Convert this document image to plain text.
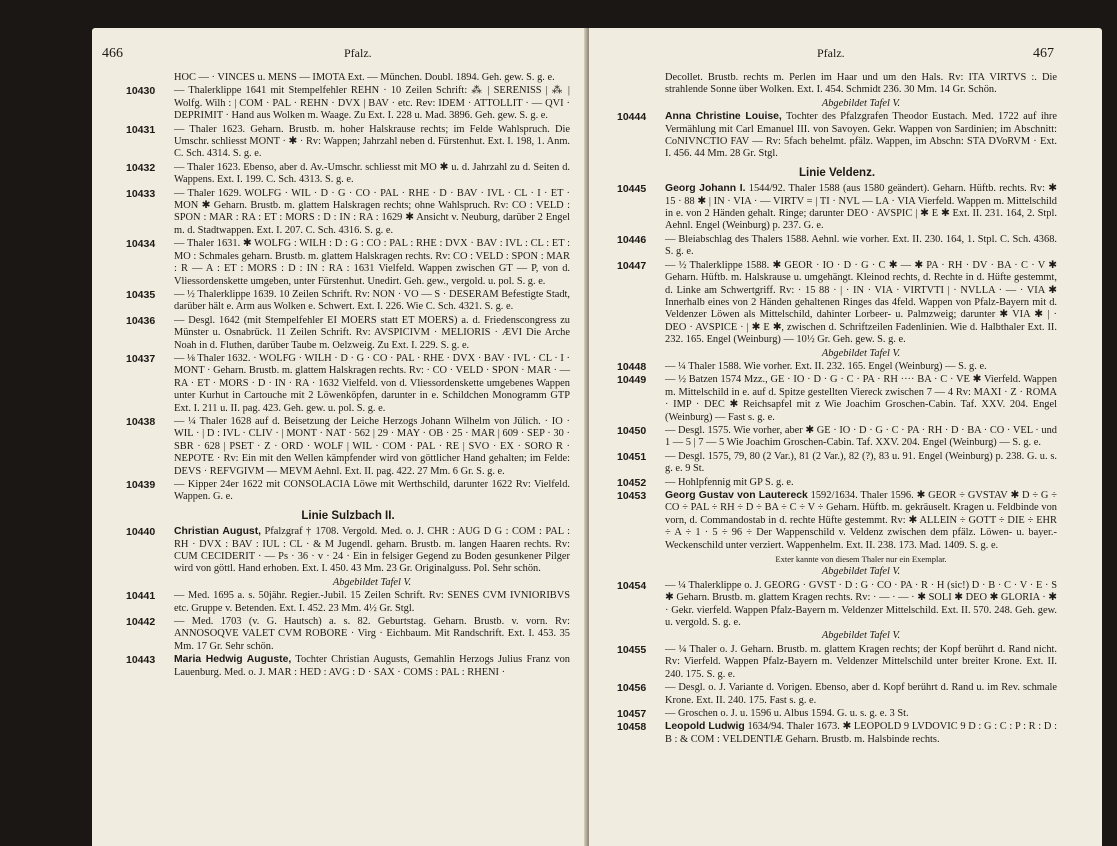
466	Pfalz.
HOC — · VINCES u. MENS — IMOTA Ext. — München. Doubl. 1894. Geh. gew. S. g. e.
10430 — Thalerklippe 1641 mit Stempelfehler REHN · 10 Zeilen Schrift: ⁂ | SERENISS | ⁂ | Wolfg. Wilh : | COM · PAL · REHN · DVX | BAV · etc. Rev: IDEM · ATTOLLIT · — QVI · DEPRIMIT · Hand aus Wolken m. Waage. Zu Ext. I. 228 u. Mad. 3896. Geh. gew. S. g. e.
10431 — Thaler 1623. Geharn. Brustb. m. hoher Halskrause rechts; im Felde Wahlspruch. Die Umschr. schliesst MONT · ✱ · Rv: Wappen; Jahrzahl neben d. Fürstenhut. Ext. I. 198, 1. Anm. C. Sch. 4314. S. g. e.
10432 — Thaler 1623. Ebenso, aber d. Av.-Umschr. schliesst mit MO ✱ u. d. Jahrzahl zu d. Seiten d. Wappens. Ext. I. 199. C. Sch. 4313. S. g. e.
10433 — Thaler 1629. WOLFG · WIL · D · G · CO · PAL · RHE · D · BAV · IVL · CL · I · ET · MON ✱ Geharn. Brustb. m. glattem Halskragen rechts; ohne Wahlspruch. Rv: CO : VELD : SPON : MAR : RA : ET : MORS : D : IN : RA : 1629 ✱ Ansicht v. Neuburg, darüber 2 Engel m. d. Stadtwappen. Ext. I. 207. C. Sch. 4316. S. g. e.
10434 — Thaler 1631. ✱ WOLFG : WILH : D : G : CO : PAL : RHE : DVX · BAV : IVL : CL : ET : MO : Schmales geharn. Brustb. m. glattem Halskragen rechts. Rv: CO : VELD : SPON : MAR : R — A : ET : MORS : D : IN : RA : 1631 Vielfeld. Wappen zwischen GT — P, von d. Vliessordenskette umgeben, unter Fürstenhut. Unedirt. Geh. gew., vergold. u. pol. S. g. e.
10435 — ½ Thalerklippe 1639. 10 Zeilen Schrift. Rv: NON · VO — S · DESERAM Befestigte Stadt, darüber hält e. Arm aus Wolken e. Schwert. Ext. I. 226. Wie C. Sch. 4321. S. g. e.
10436 — Desgl. 1642 (mit Stempelfehler EI MOERS statt ET MOERS) a. d. Friedenscongress zu Münster u. Osnabrück. 11 Zeilen Schrift. Rv: AVSPICIVM · MELIORIS · ÆVI Die Arche Noah in d. Fluthen, darüber Taube m. Oelzweig. Zu Ext. I. 229. S. g. e.
10437 — ⅛ Thaler 1632. · WOLFG · WILH · D · G · CO · PAL · RHE · DVX · BAV · IVL · CL · I · MONT · Geharn. Brustb. m. glattem Halskragen rechts. Rv: · CO · VELD · SPON · MAR · — RA · ET · MORS · D · IN · RA · 1632 Vielfeld. von d. Vliessordenskette umgebenes Wappen unter Kurhut in Cartouche mit 2 Löwenköpfen, darunter in e. Schildchen Monogramm GTP Ext. I. 211 u. II. pag. 423. Geh. gew. u. pol. S. g. e.
10438 — ¼ Thaler 1628 auf d. Beisetzung der Leiche Herzogs Johann Wilhelm von Jülich. · IO · WIL · | D : IVL · CLIV · | MONT · NAT · 562 | 29 · MAY · OB · 25 · MAR | 609 · SEP · 30 · SBR · 628 | PSET · Z · ORD · WOLF | WIL · COM · PAL · RE | SVO · EX · SORO R · NEPOTE · Rv: Ein mit den Wellen kämpfender wird von göttlicher Hand gehalten; im Felde: DEVS · REFVGIVM — MEVM Aehnl. Ext. II. pag. 422. 27 Mm. 6 Gr. S. g. e.
10439 — Kipper 24er 1622 mit CONSOLACIA Löwe mit Werthschild, darunter 1622 Rv: Vielfeld. Wappen. G. e.
Linie Sulzbach II.
10440 Christian August, Pfalzgraf † 1708. Vergold. Med. o. J. CHR : AUG D G : COM : PAL : RH · DVX : BAV : IUL : CL · & M Jugendl. geharn. Brustb. m. langen Haaren rechts. Rv: CUM CECIDERIT · — Ps · 36 · v · 24 · Ein in felsiger Gegend zu Boden gesunkener Pilger wird von göttl. Hand erhoben. Ext. I. 450. 43 Mm. 23 Gr. Originalguss. Pol. Sehr schön.
Abgebildet Tafel V.
10441 — Med. 1695 a. s. 50jähr. Regier.-Jubil. 15 Zeilen Schrift. Rv: SENES CVM IVNIORIBVS etc. Gruppe v. Betenden. Ext. I. 452. 23 Mm. 4½ Gr. Stgl.
10442 — Med. 1703 (v. G. Hautsch) a. s. 82. Geburtstag. Geharn. Brustb. v. vorn. Rv: ANNOSOQVE VALET CVM ROBORE · Virg · Eichbaum. Mit Randschrift. Ext. I. 453. 35 Mm. 17 Gr. Sehr schön.
10443 Maria Hedwig Auguste, Tochter Christian Augusts, Gemahlin Herzogs Julius Franz von Lauenburg. Med. o. J. MAR : HED : AVG : D · SAX · COMS : PAL : RHENI ·
Pfalz.	467
Decollet. Brustb. rechts m. Perlen im Haar und um den Hals. Rv: ITA VIRTVS :. Die strahlende Sonne über Wolken. Ext. I. 454. Schmidt 236. 30 Mm. 14 Gr. Schön.
Abgebildet Tafel V.
10444 Anna Christine Louise, Tochter des Pfalzgrafen Theodor Eustach. Med. 1722 auf ihre Vermählung mit Carl Emanuel III. von Savoyen. Gekr. Wappen von Sardinien; im Abschnitt: CoNIVNCTIO FAV — Rv: 5fach behelmt. pfälz. Wappen, im Abschn: STA DVoRVM · Ext. I. 456. 44 Mm. 28 Gr. Stgl.
Linie Veldenz.
10445 Georg Johann I. 1544/92. Thaler 1588 (aus 1580 geändert). Geharn. Hüftb. rechts. Rv: ✱ 15 · 88 ✱ | IN · VIA · — VIRTV = | TI · NVL — LA · VIA Vierfeld. Wappen m. Mittelschild in e. von 2 Händen gehalt. Ringe; darunter DEO · AVSPIC | ✱ E ✱ Ext. II. 231. 164, 2. Stpl. Aehnl. Engel (Weinburg) p. 237. G. e.
10446 — Bleiabschlag des Thalers 1588. Aehnl. wie vorher. Ext. II. 230. 164, 1. Stpl. C. Sch. 4368. S. g. e.
10447 — ½ Thalerklippe 1588. ✱ GEOR · IO · D · G · C ✱ — ✱ PA · RH · DV · BA · C · V ✱ Geharn. Hüftb. m. Halskrause u. umgehängt. Kleinod rechts, d. Rechte in d. Hüfte gestemmt, d. Linke am Schwertgriff. Rv: · 15 88 · | · IN · VIA · VIRTVTI | · NVLLA · — · VIA ✱ Innerhalb eines von 2 Händen gehaltenen Ringes das 4feld. Wappen von Pfalz-Bayern mit d. Veldenzer Löwen als Mittelschild, dahinter Lorbeer- u. Palmzweig; darunter ✱ VIA ✱ | · DEO · AVSPICE · | ✱ E ✱, zwischen d. Schriftzeilen Fadenlinien. Wie d. Halbthaler Ext. II. 232. 165. Engel (Weinburg) — 10½ Gr. Geh. gew. S. g. e.
Abgebildet Tafel V.
10448 — ¼ Thaler 1588. Wie vorher. Ext. II. 232. 165. Engel (Weinburg) — S. g. e.
10449 — ½ Batzen 1574 Mzz., GE · IO · D · G · C · PA · RH ···· BA · C · VE ✱ Vierfeld. Wappen m. Mittelschild in e. auf d. Spitze gestellten Viereck zwischen 7 — 4 Rv: MAXI · Z · ROMA · IMP · DEC ✱ Reichsapfel mit z Wie Joachim Groschen-Cabin. Taf. XXV. 204. Engel (Weinburg) — Fast s. g. e.
10450 — Desgl. 1575. Wie vorher, aber ✱ GE · IO · D · G · C · PA · RH · D · BA · CO · VEL · und 1 — 5 | 7 — 5 Wie Joachim Groschen-Cabin. Taf. XXV. 204. Engel (Weinburg) — S. g. e.
10451 — Desgl. 1575, 79, 80 (2 Var.), 81 (2 Var.), 82 (?), 83 u. 91. Engel (Weinburg) p. 238. G. u. s. g. e. 9 St.
10452 — Hohlpfennig mit GP S. g. e.
10453 Georg Gustav von Lautereck 1592/1634. Thaler 1596. ✱ GEOR ÷ GVSTAV ✱ D ÷ G ÷ CO ÷ PAL ÷ RH ÷ D ÷ BA ÷ C ÷ V ÷ Geharn. Hüftb. m. gekräuselt. Kragen u. Feldbinde von vorn, d. Commandostab in d. rechte Hüfte gestemmt. Rv: ✱ ALLEIN ÷ GOTT ÷ DIE ÷ EHR ÷ A ÷ 1 · 5 ÷ 96 ÷ Der Wappenschild v. Veldenz zwischen dem pfälz. Löwen- u. bayer.- Weckenschild unter verziert. Wappenhelm. Ext. II. 238. 173. Mad. 1409. S. g. e.
Exter kannte von diesem Thaler nur ein Exemplar.
Abgebildet Tafel V.
10454 — ¼ Thalerklippe o. J. GEORG · GVST · D : G · CO · PA · R · H (sic!) D · B · C · V · E · S ✱ Geharn. Brustb. m. glattem Kragen rechts. Rv: · — · — · ✱ SOLI ✱ DEO ✱ GLORIA · ✱ · Gekr. vierfeld. Wappen Pfalz-Bayern m. Veldenzer Mittelschild. Ext. II. 570. 248. Geh. gew. u. vergold. S. g. e.
Abgebildet Tafel V.
10455 — ¼ Thaler o. J. Geharn. Brustb. m. glattem Kragen rechts; der Kopf berührt d. Rand nicht. Rv: Vierfeld. Wappen Pfalz-Bayern m. Veldenzer Mittelschild unter breiter Krone. Ext. II. 240. 175. S. g. e.
10456 — Desgl. o. J. Variante d. Vorigen. Ebenso, aber d. Kopf berührt d. Rand u. im Rev. schmale Krone. Ext. II. 240. 175. Fast s. g. e.
10457 — Groschen o. J. u. 1596 u. Albus 1594. G. u. s. g. e. 3 St.
10458 Leopold Ludwig 1634/94. Thaler 1673. ✱ LEOPOLD 9 LVDOVIC 9 D : G : C : P : R : D : B : & COM : VELDENTIÆ Geharn. Brustb. m. Halsbinde rechts.
